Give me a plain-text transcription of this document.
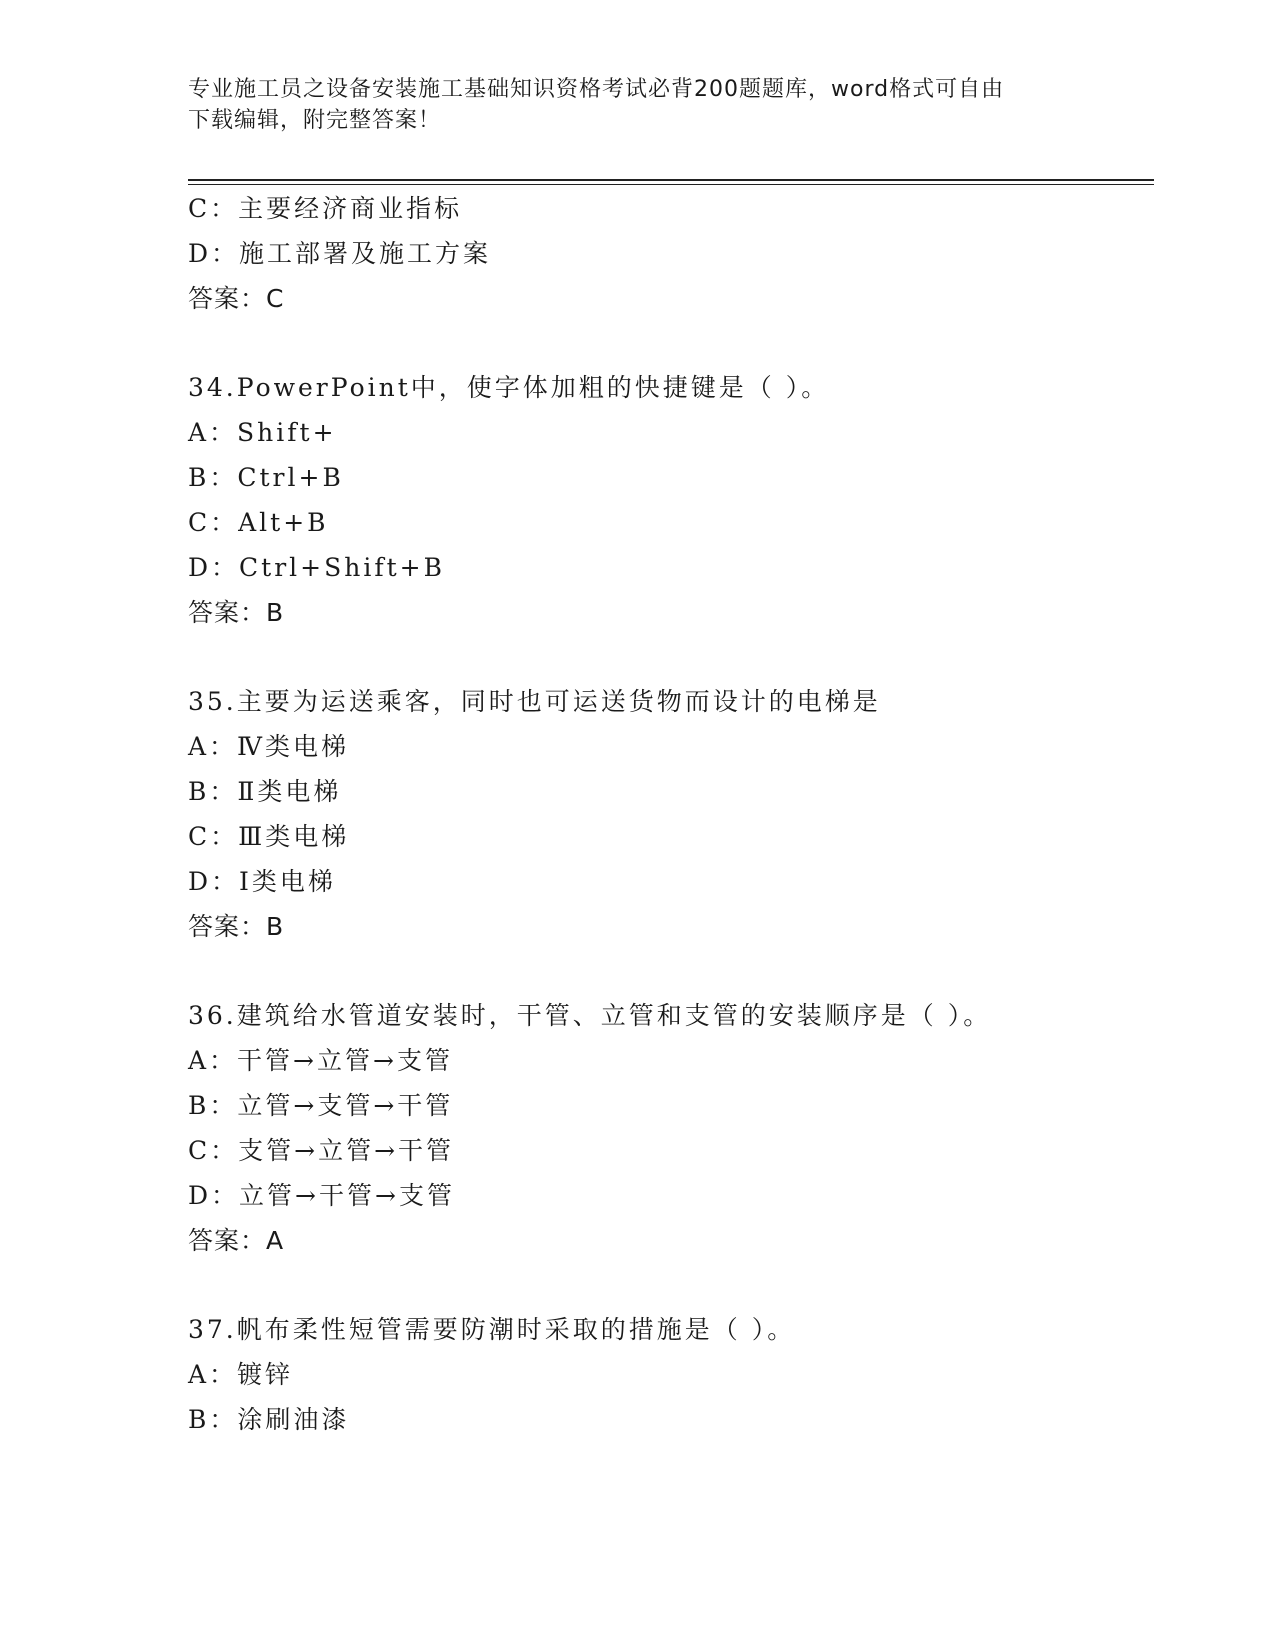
专业施工员之设备安装施工基础知识资格考试必背200题题库，word格式可自由
下载编辑，附完整答案！
C：主要经济商业指标
D：施工部署及施工方案
答案：C
34.PowerPoint中，使字体加粗的快捷键是（ ）。
A：Shift+
B：Ctrl+B
C：Alt+B
D：Ctrl+Shift+B
答案：B
35.主要为运送乘客，同时也可运送货物而设计的电梯是
A：Ⅳ类电梯
B：Ⅱ类电梯
C：Ⅲ类电梯
D：Ⅰ类电梯
答案：B
36.建筑给水管道安装时，干管、立管和支管的安装顺序是（ ）。
A：干管→立管→支管
B：立管→支管→干管
C：支管→立管→干管
D：立管→干管→支管
答案：A
37.帆布柔性短管需要防潮时采取的措施是（ ）。
A：镀锌
B：涂刷油漆
